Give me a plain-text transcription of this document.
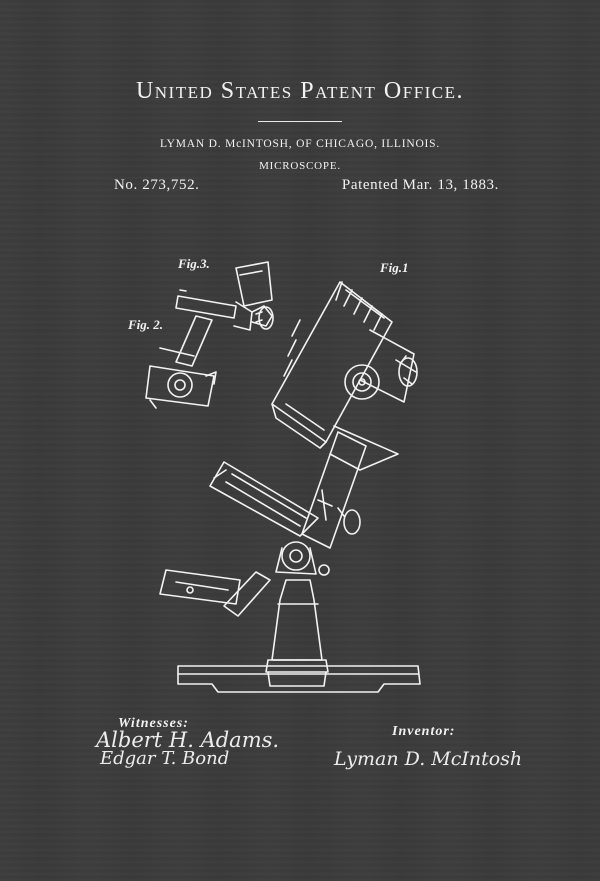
United States Patent Office.
LYMAN D. McINTOSH, OF CHICAGO, ILLINOIS.
MICROSCOPE.
No. 273,752.	Patented Mar. 13, 1883.
Fig.3.
Fig. 2.
Fig.1
Witnesses:
Albert H. Adams.
Edgar T. Bond
Inventor:
Lyman D. McIntosh
